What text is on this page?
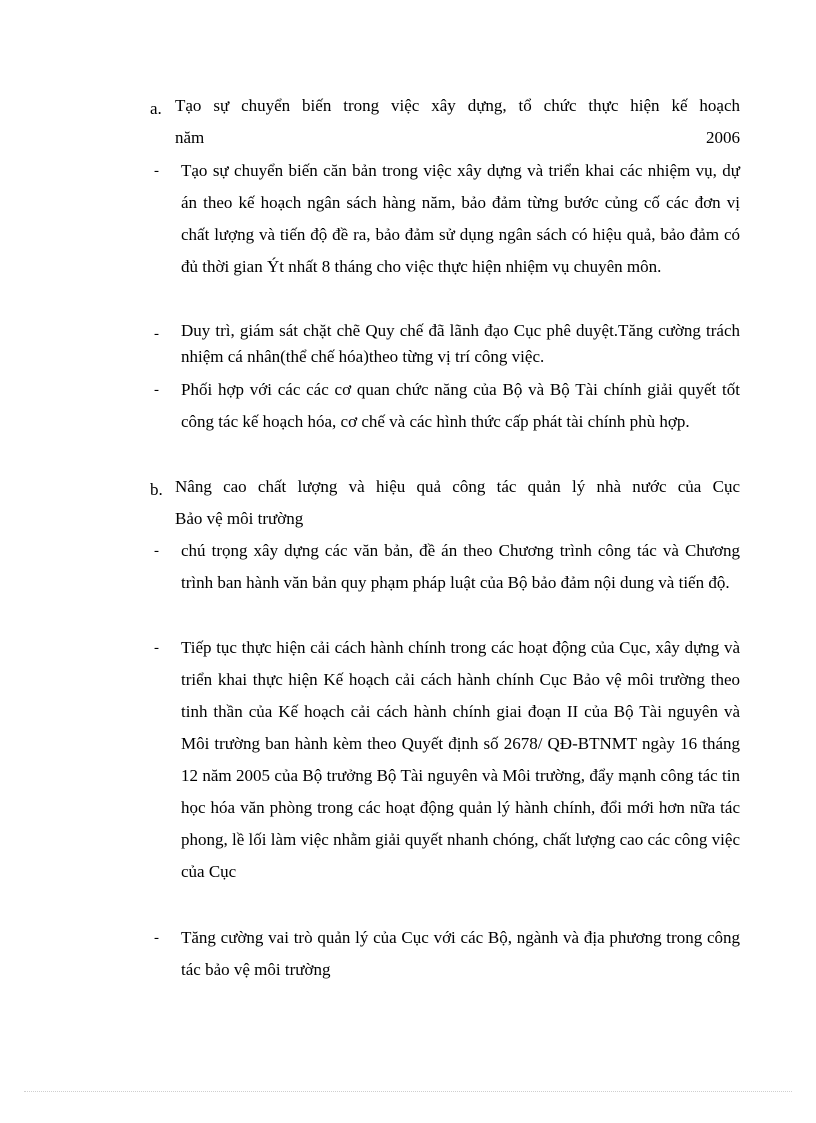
a. Tạo sự chuyển biến trong việc xây dựng, tổ chức thực hiện kế hoạch
năm	2006
- Tạo sự chuyển biến căn bản trong việc xây dựng và triển khai các nhiệm vụ, dự án theo kế hoạch ngân sách hàng năm, bảo đảm từng bước củng cố các đơn vị chất lượng và tiến độ đề ra, bảo đảm sử dụng ngân sách có hiệu quả, bảo đảm có đủ thời gian Ýt nhất 8 tháng cho việc thực hiện nhiệm vụ chuyên môn.
- Duy trì, giám sát chặt chẽ Quy chế đã lãnh đạo Cục phê duyệt.Tăng cường trách nhiệm cá nhân(thể chế hóa)theo từng vị trí công việc.
- Phối hợp với các các cơ quan chức năng của Bộ và Bộ Tài chính giải quyết tốt công tác kế hoạch hóa, cơ chế và các hình thức cấp phát tài chính phù hợp.
b. Nâng cao chất lượng và hiệu quả công tác quản lý nhà nước của Cục
Bảo vệ môi trường
- chú trọng xây dựng các văn bản, đề án theo Chương trình công tác và Chương trình ban hành văn bản quy phạm pháp luật của Bộ bảo đảm nội dung và tiến độ.
- Tiếp tục thực hiện cải cách hành chính trong các hoạt động của Cục, xây dựng và triển khai thực hiện Kế hoạch cải cách hành chính Cục Bảo vệ môi trường theo tinh thần của Kế hoạch cải cách hành chính giai đoạn II của Bộ Tài nguyên và Môi trường ban hành kèm theo Quyết định số 2678/ QĐ-BTNMT ngày 16 tháng 12 năm 2005 của Bộ trưởng Bộ Tài nguyên và Môi trường, đẩy mạnh công tác tin học hóa văn phòng trong các hoạt động quản lý hành chính, đổi mới hơn nữa tác phong, lề lối làm việc nhằm giải quyết nhanh chóng, chất lượng cao các công việc của Cục
- Tăng cường vai trò quản lý của Cục với các Bộ, ngành và địa phương trong công tác bảo vệ môi trường
